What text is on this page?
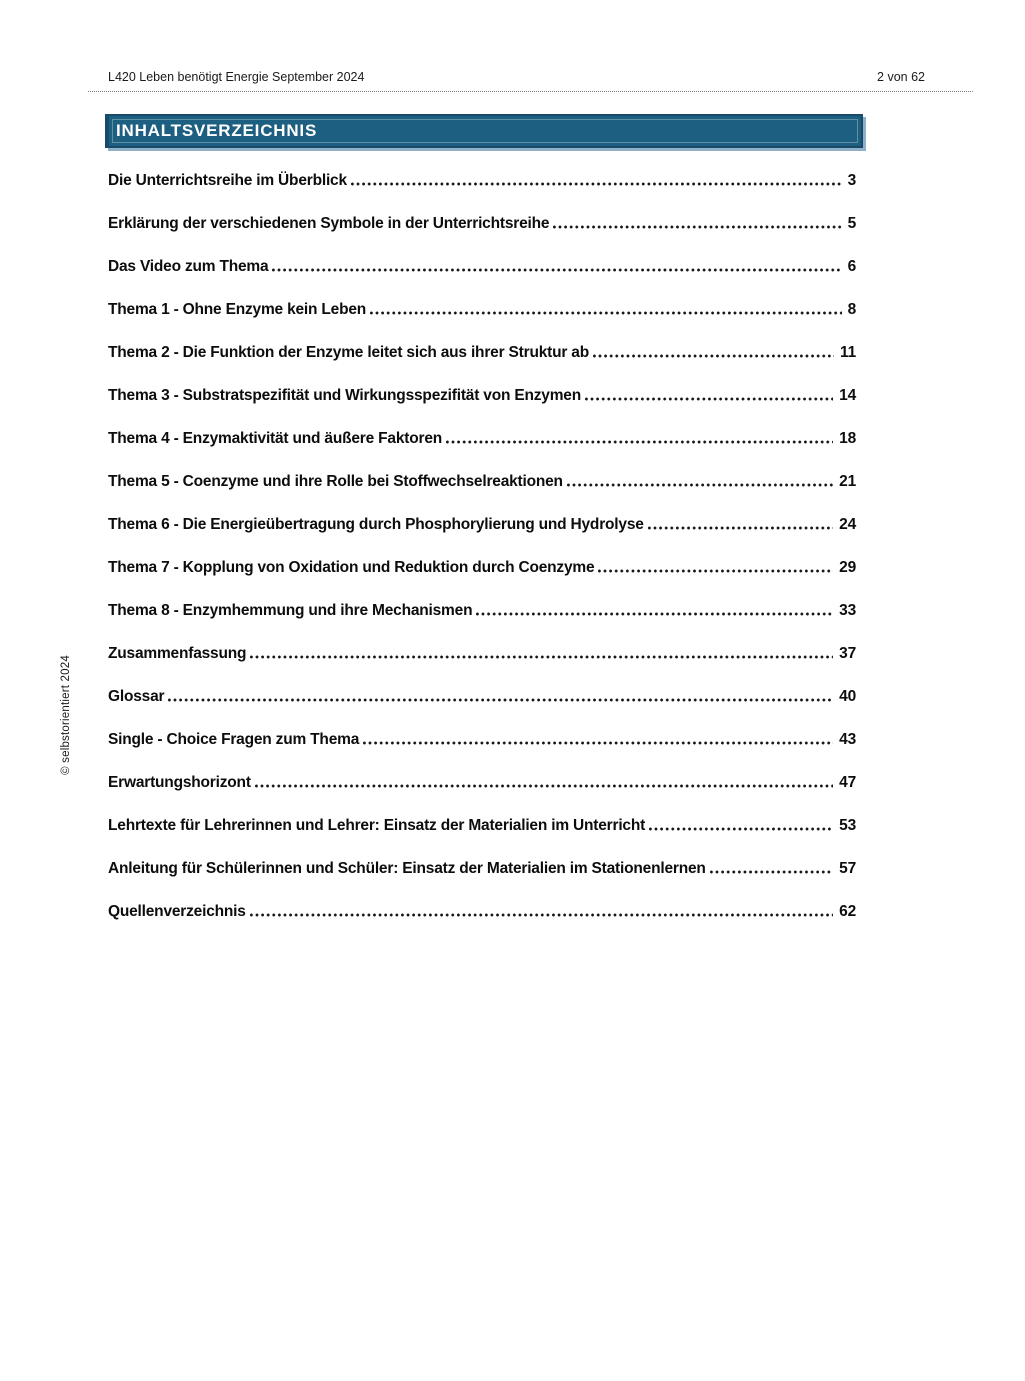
L420 Leben benötigt Energie September 2024	2 von 62
INHALTSVERZEICHNIS
Die Unterrichtsreihe im Überblick	3
Erklärung der verschiedenen Symbole in der Unterrichtsreihe	5
Das Video zum Thema	6
Thema 1 - Ohne Enzyme kein Leben	8
Thema 2 - Die Funktion der Enzyme leitet sich aus ihrer Struktur ab	11
Thema 3 - Substratspezifität und Wirkungsspezifität von Enzymen	14
Thema 4 - Enzymaktivität und äußere Faktoren	18
Thema 5 - Coenzyme und ihre Rolle bei Stoffwechselreaktionen	21
Thema 6 - Die Energieübertragung durch Phosphorylierung und Hydrolyse	24
Thema 7 - Kopplung von Oxidation und Reduktion durch Coenzyme	29
Thema 8 - Enzymhemmung und ihre Mechanismen	33
Zusammenfassung	37
Glossar	40
Single - Choice Fragen zum Thema	43
Erwartungshorizont	47
Lehrtexte für Lehrerinnen und Lehrer: Einsatz der Materialien im Unterricht	53
Anleitung für Schülerinnen und Schüler: Einsatz der Materialien im Stationenlernen	57
Quellenverzeichnis	62
© selbstorientiert 2024
